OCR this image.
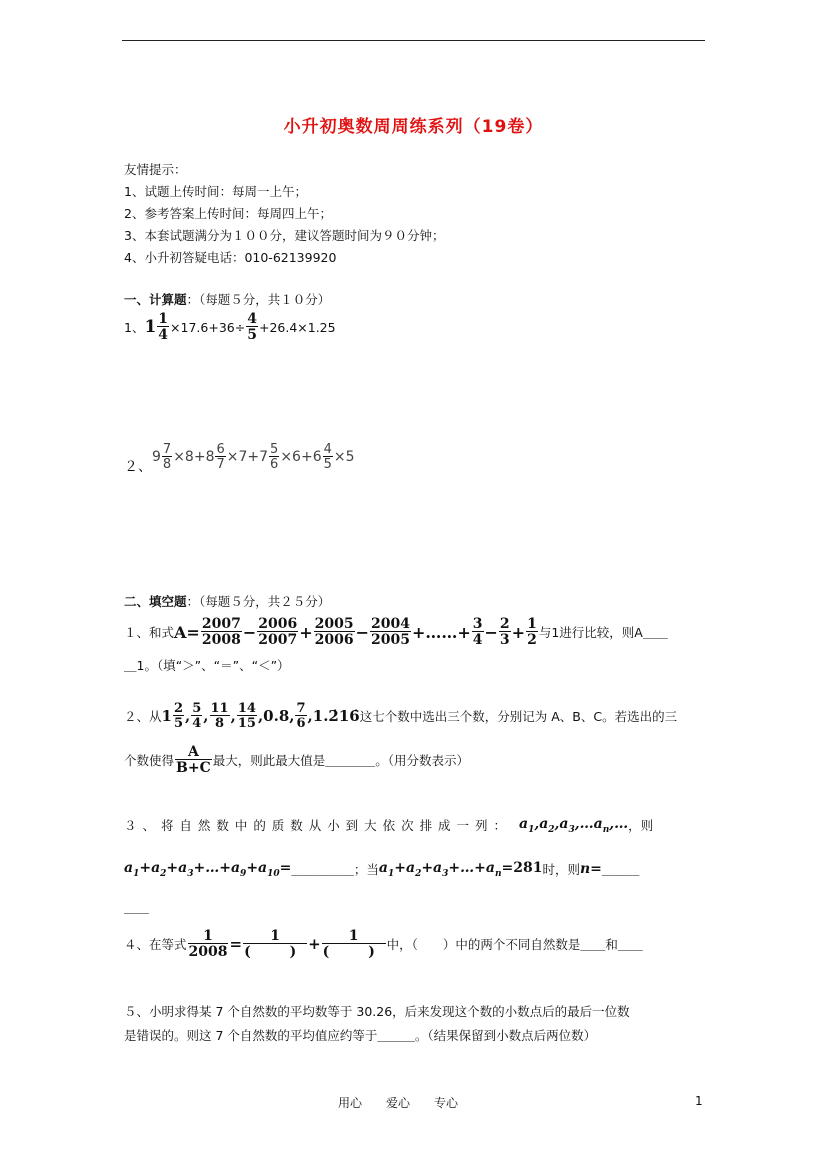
小升初奥数周周练系列（19卷）
友情提示：
1、试题上传时间：每周一上午；
2、参考答案上传时间：每周四上午；
3、本套试题满分为１００分，建议答题时间为９０分钟；
4、小升初答疑电话：010-62139920
一、计算题：（每题５分，共１０分）
1、 $1 \frac{1}{4} \times 17.6+36\div \frac{4}{5} +26.4\times 1.25$
２、
$9 \frac{7}{8} \times 8+8 \frac{6}{7} \times 7+7 \frac{5}{6} \times 6+6 \frac{4}{5} \times 5$
二、填空题：（每题５分，共２５分）
１、和式 $A= \frac{2007}{2008} - \frac{2006}{2007} + \frac{2005}{2006} - \frac{2004}{2005}$ +……+ $\frac{3}{4} - \frac{2}{3} + \frac{1}{2}$ 与1进行比较，则A＿＿
＿1。（填“＞”、“＝”、“＜”）
２、从 $1 \frac{2}{5}$ , $\frac{5}{4}$ , $\frac{11}{8}$ , $\frac{14}{15} ,0.8$, $\frac{7}{6}$ ,1.2̇16̇ 这七个数中选出三个数，分别记为 A、B、C。若选出的三
个数使得 $\frac{A}{B+C}$ 最大，则此最大值是＿＿＿＿。（用分数表示）
３ 、 将 自 然 数 中 的 质 数 从 小 到 大 依 次 排 成 一 列 ： $a_1,a_2,a_3,\dots a_n,\dots$ ，则
$a_1+a_2+a_3+\dots+a_9+a_{10}=$ ＿＿＿＿＿；当 $a_1+a_2+a_3+\dots+a_n=281$ 时，则 n= ＿＿＿
＿＿
４、在等式 $\frac{1}{2008} = \frac{1}{( )} + \frac{1}{( )}$ 中，（　　）中的两个不同自然数是＿＿和＿＿
５、小明求得某 7 个自然数的平均数等于 30.26，后来发现这个数的小数点后的最后一位数
是错误的。则这 7 个自然数的平均值应约等于＿＿＿。（结果保留到小数点后两位数）
用心　　爱心　　专心	1
